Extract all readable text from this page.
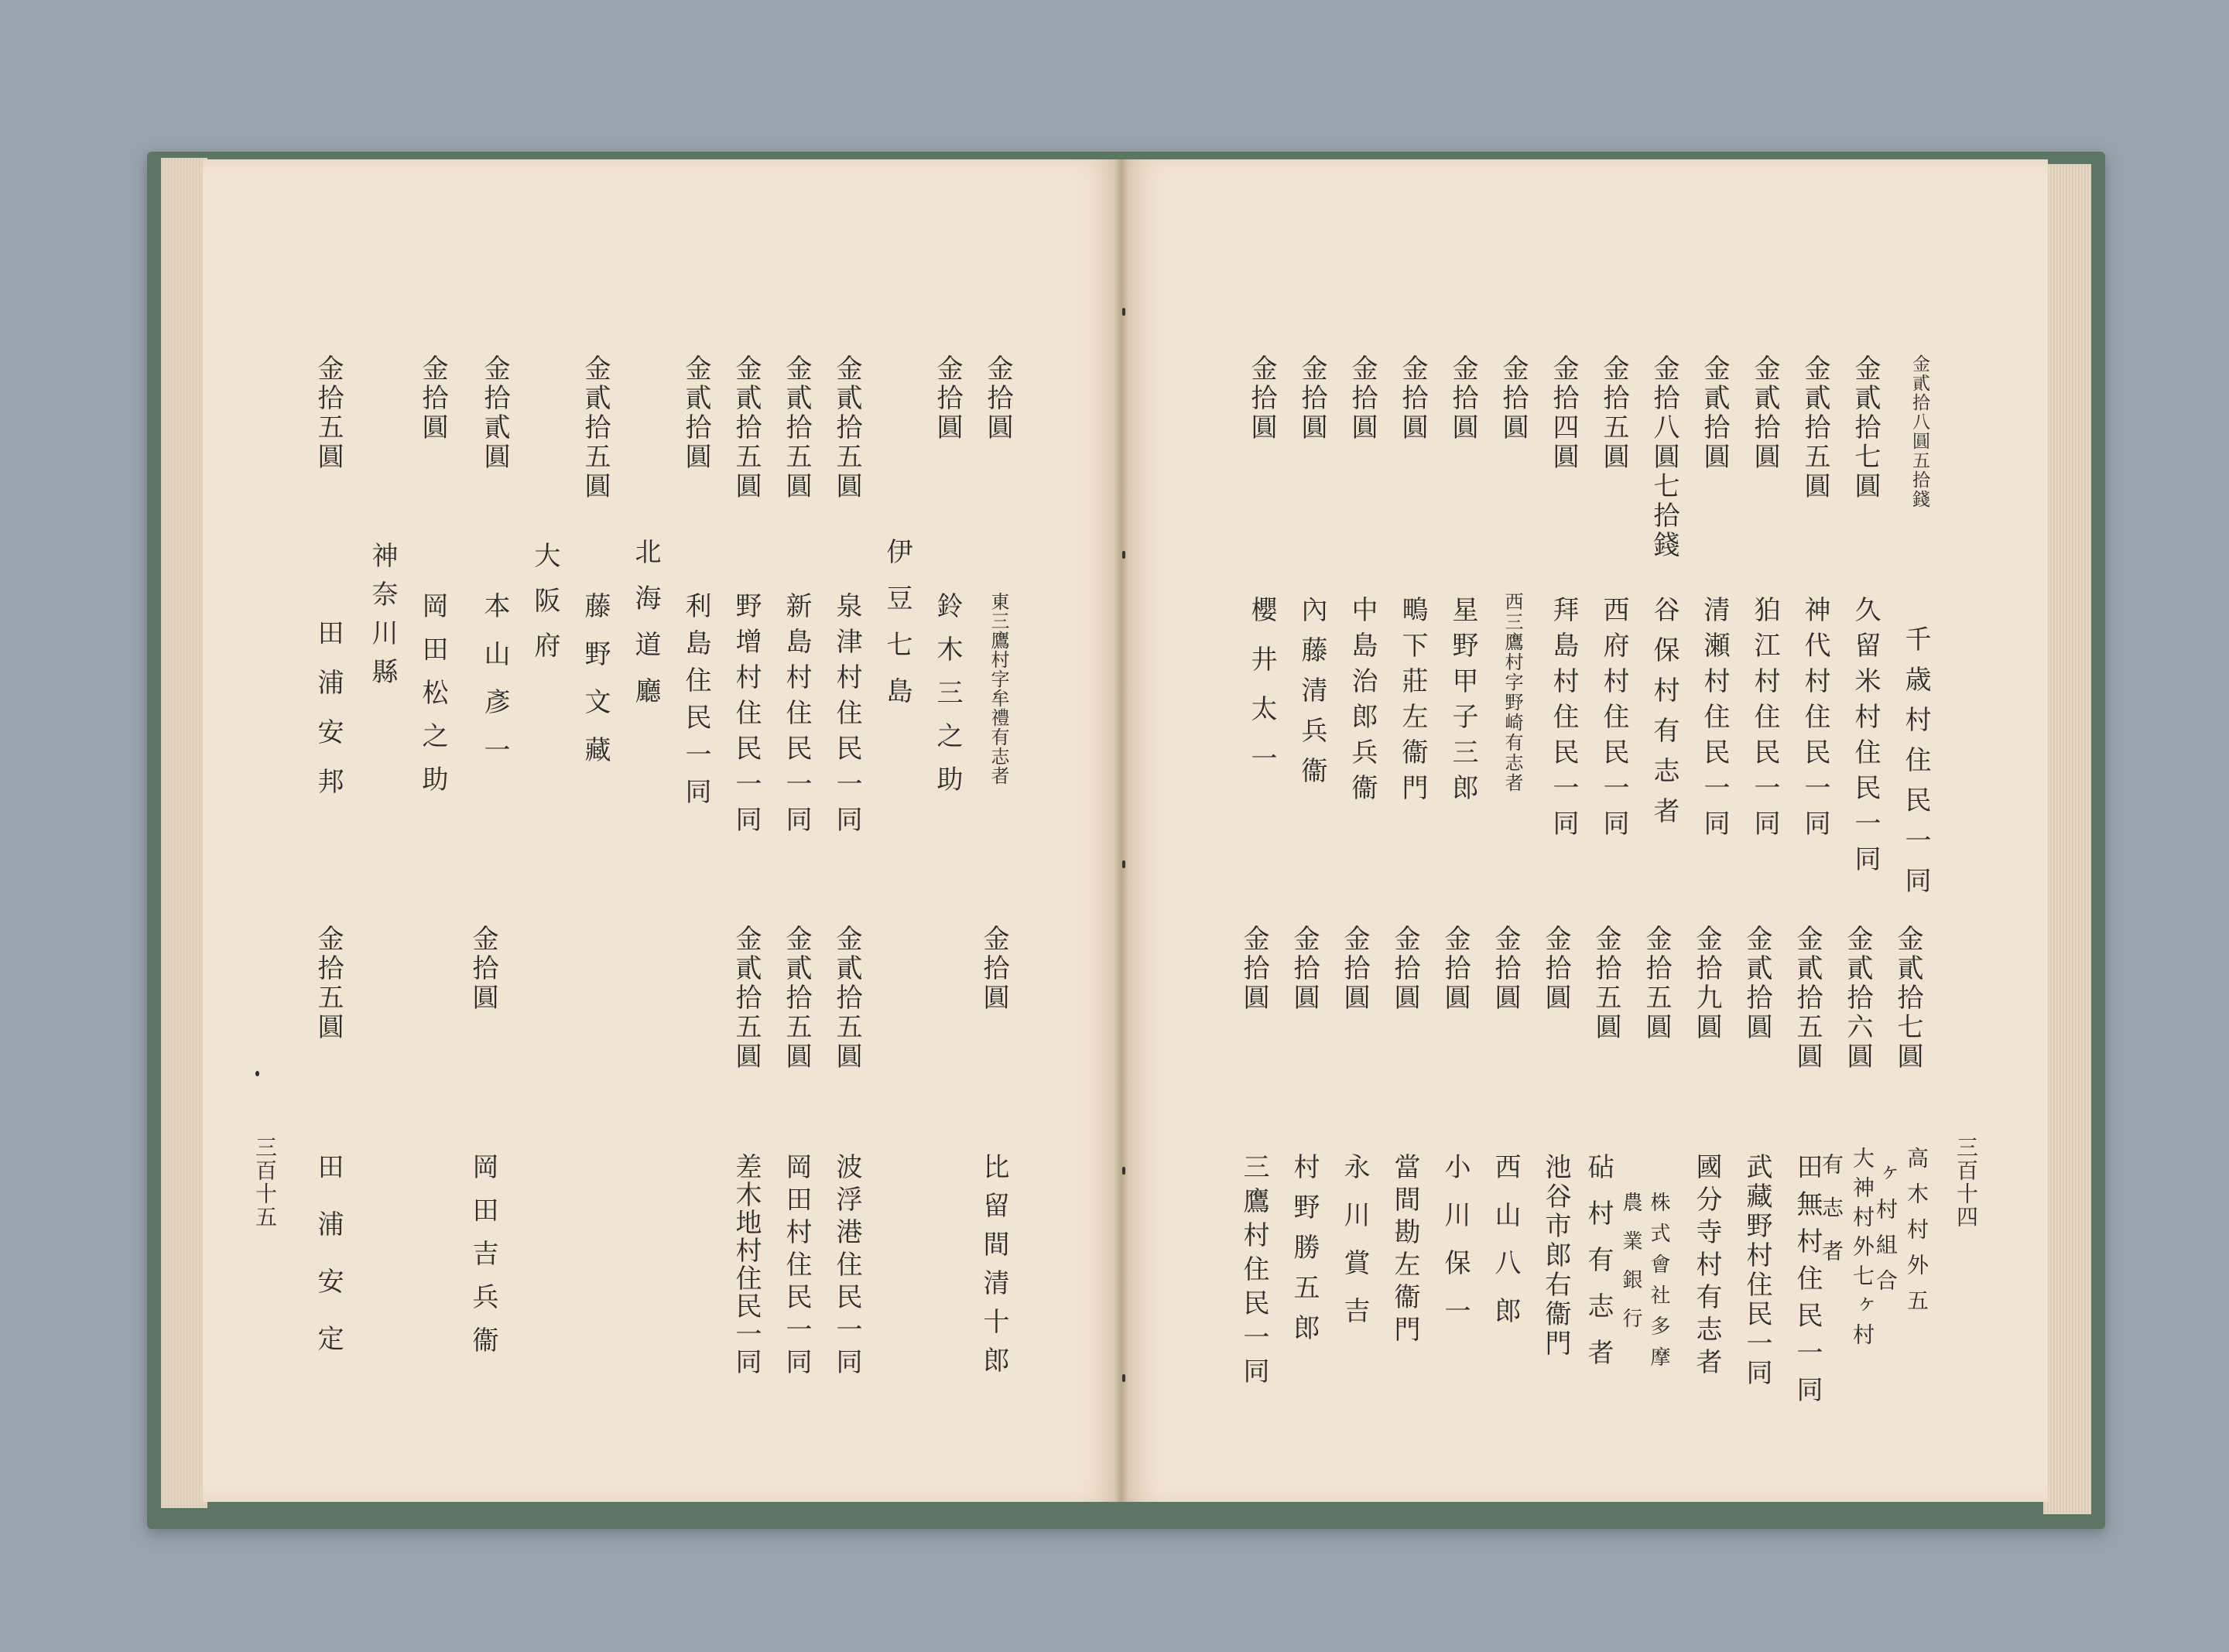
三百十四
金貳拾八圓五拾錢
金貳拾七圓
金貳拾五圓
金貳拾圓
金貳拾圓
金拾八圓七拾錢
金拾五圓
金拾四圓
金拾圓
金拾圓
金拾圓
金拾圓
金拾圓
金拾圓
千歳村住民一同
久留米村住民一同
神代村住民一同
狛江村住民一同
清瀬村住民一同
谷保村有志者
西府村住民一同
拜島村住民一同
西三鷹村字野崎有志者
星野甲子三郎
鴫下莊左衞門
中島治郎兵衞
內藤清兵衞
櫻井太一
金貳拾七圓
金貳拾六圓
金貳拾五圓
金貳拾圓
金拾九圓
金拾五圓
金拾五圓
金拾圓
金拾圓
金拾圓
金拾圓
金拾圓
金拾圓
金拾圓
高木村外五
ヶ村組合
大神村外七ヶ村
有志者
田無村住民一同
武藏野村住民一同
國分寺村有志者
株式會社多摩
農業銀行
砧村有志者
池谷市郎右衞門
西山八郎
小川保一
當間勘左衞門
永川賞吉
村野勝五郎
三鷹村住民一同
三百十五
金拾圓
東三鷹村字牟禮有志者
金拾圓
鈴木三之助
伊豆七島
金貳拾五圓
泉津村住民一同
金貳拾五圓
新島村住民一同
金貳拾五圓
野增村住民一同
金貳拾圓
利島住民一同
北海道廳
金貳拾五圓
藤野文藏
大阪府
金拾貳圓
本山彥一
金拾圓
岡田松之助
神奈川縣
金拾五圓
田浦安邦
金拾圓
比留間清十郎
金貳拾五圓
波浮港住民一同
金貳拾五圓
岡田村住民一同
金貳拾五圓
差木地村住民一同
金拾圓
岡田吉兵衞
金拾五圓
田浦安定
